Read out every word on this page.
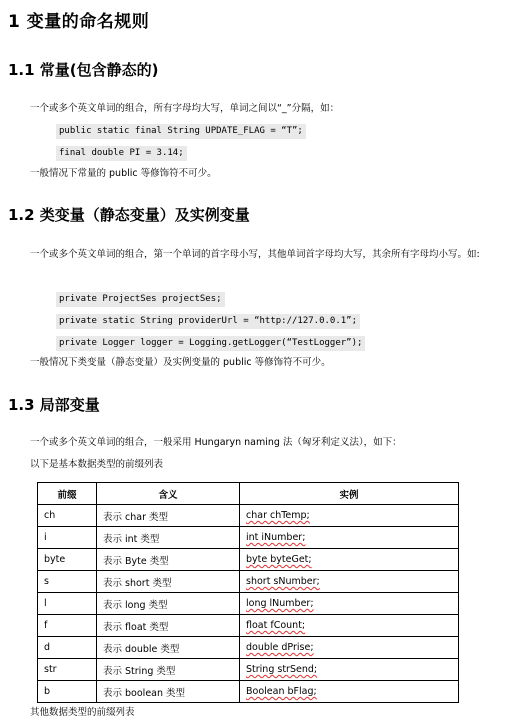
1 变量的命名规则
1.1 常量(包含静态的)
一个或多个英文单词的组合，所有字母均大写，单词之间以“_”分隔，如：
public static final String UPDATE_FLAG = “T”;
final double PI = 3.14;
一般情况下常量的 public 等修饰符不可少。
1.2 类变量（静态变量）及实例变量
一个或多个英文单词的组合，第一个单词的首字母小写，其他单词首字母均大写，其余所有字母均小写。如:
private ProjectSes projectSes;
private static String providerUrl = “http://127.0.0.1”;
private Logger logger = Logging.getLogger(“TestLogger”);
一般情况下类变量（静态变量）及实例变量的 public 等修饰符不可少。
1.3 局部变量
一个或多个英文单词的组合，一般采用 Hungaryn naming 法（匈牙利定义法），如下：
以下是基本数据类型的前缀列表
前缀	含义	实例
ch	表示 char 类型	char chTemp;
i	表示 int 类型	int iNumber;
byte	表示 Byte 类型	byte byteGet;
s	表示 short 类型	short sNumber;
l	表示 long 类型	long lNumber;
f	表示 float 类型	float fCount;
d	表示 double 类型	double dPrise;
str	表示 String 类型	String strSend;
b	表示 boolean 类型	Boolean bFlag;
其他数据类型的前缀列表
